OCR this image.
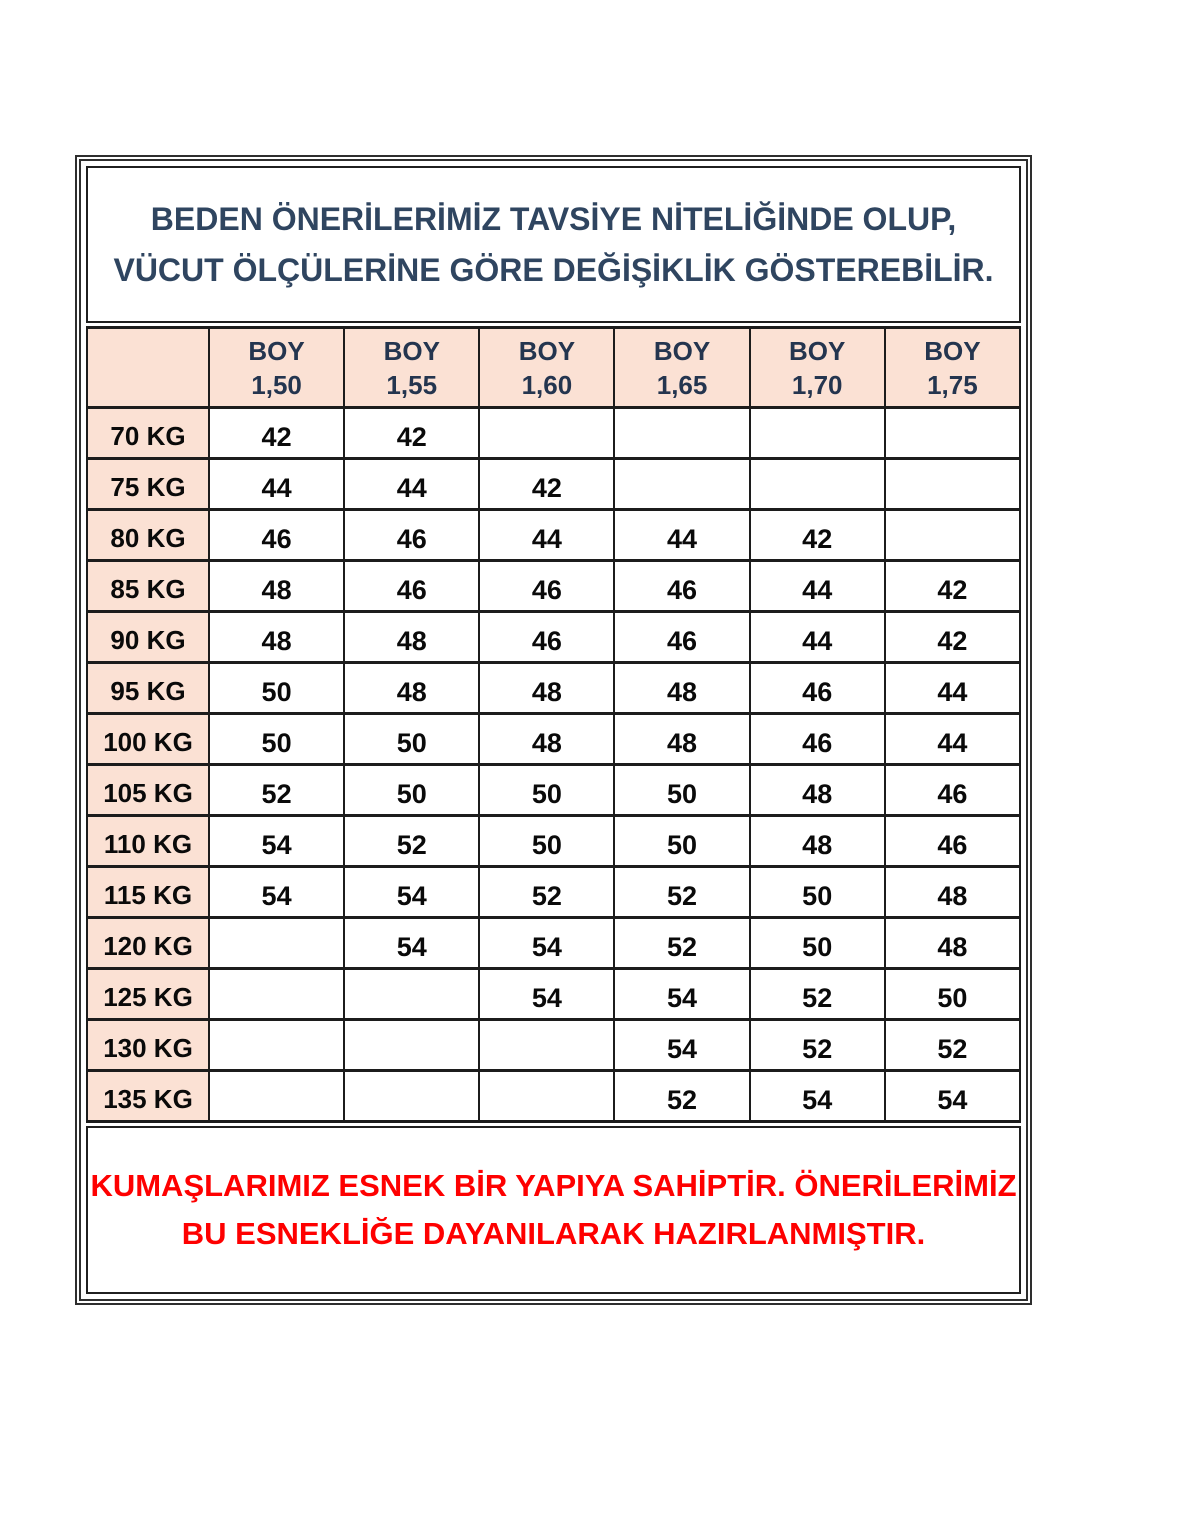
BEDEN ÖNERİLERİMİZ TAVSİYE NİTELİĞİNDE OLUP,
VÜCUT ÖLÇÜLERİNE GÖRE DEĞİŞİKLİK GÖSTEREBİLİR.

BOY
1,50

BOY
1,55

BOY
1,60

BOY
1,65

BOY
1,70

BOY
1,75

70 KG	42	42				
75 KG	44	44	42			
80 KG	46	46	44	44	42	
85 KG	48	46	46	46	44	42
90 KG	48	48	46	46	44	42
95 KG	50	48	48	48	46	44
100 KG	50	50	48	48	46	44
105 KG	52	50	50	50	48	46
110 KG	54	52	50	50	48	46
115 KG	54	54	52	52	50	48
120 KG		54	54	52	50	48
125 KG			54	54	52	50
130 KG				54	52	52
135 KG				52	54	54
KUMAŞLARIMIZ ESNEK BİR YAPIYA SAHİPTİR. ÖNERİLERİMİZ
BU ESNEKLİĞE DAYANILARAK HAZIRLANMIŞTIR.
